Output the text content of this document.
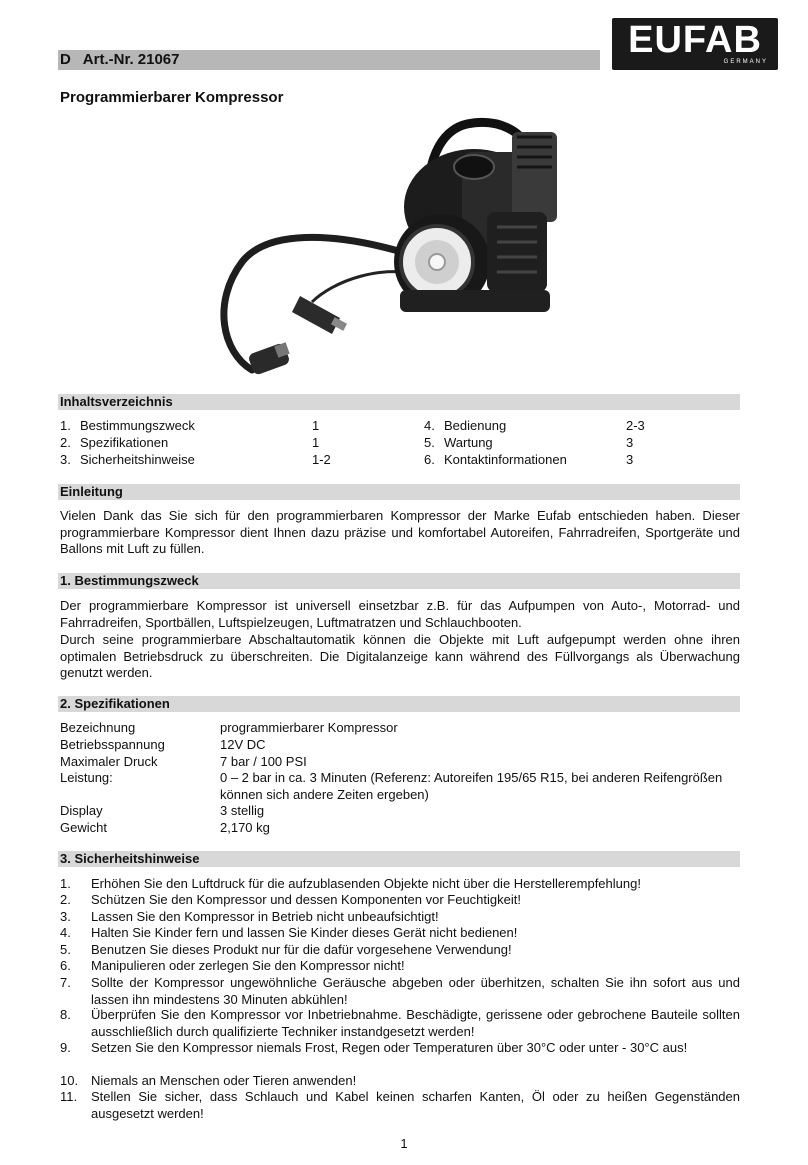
D   Art.-Nr. 21067	EUFAB
GERMANY
Programmierbarer Kompressor
Inhaltsverzeichnis
1. Bestimmungszweck	1	4. Bedienung	2-3
2. Spezifikationen	1	5. Wartung	3
3. Sicherheitshinweise	1-2	6. Kontaktinformationen	3
Einleitung
Vielen Dank das Sie sich für den programmierbaren Kompressor der Marke Eufab entschieden haben. Dieser programmierbare Kompressor dient Ihnen dazu präzise und komfortabel Autoreifen, Fahrradreifen, Sportgeräte und Ballons mit Luft zu füllen.
1. Bestimmungszweck
Der programmierbare Kompressor ist universell einsetzbar z.B. für das Aufpumpen von Auto-, Motorrad- und Fahrradreifen, Sportbällen, Luftspielzeugen, Luftmatratzen und Schlauchbooten.
Durch seine programmierbare Abschaltautomatik können die Objekte mit Luft aufgepumpt werden ohne ihren optimalen Betriebsdruck zu überschreiten. Die Digitalanzeige kann während des Füllvorgangs als Überwachung genutzt werden.
2. Spezifikationen
Bezeichnung	programmierbarer Kompressor
Betriebsspannung	12V DC
Maximaler Druck	7 bar / 100 PSI
Leistung:	0 – 2 bar in ca. 3 Minuten (Referenz: Autoreifen 195/65 R15, bei anderen Reifengrößen können sich andere Zeiten ergeben)
Display	3 stellig
Gewicht	2,170 kg
3. Sicherheitshinweise
1. Erhöhen Sie den Luftdruck für die aufzublasenden Objekte nicht über die Herstellerempfehlung!
2. Schützen Sie den Kompressor und dessen Komponenten vor Feuchtigkeit!
3. Lassen Sie den Kompressor in Betrieb nicht unbeaufsichtigt!
4. Halten Sie Kinder fern und lassen Sie Kinder dieses Gerät nicht bedienen!
5. Benutzen Sie dieses Produkt nur für die dafür vorgesehene Verwendung!
6. Manipulieren oder zerlegen Sie den Kompressor nicht!
7. Sollte der Kompressor ungewöhnliche Geräusche abgeben oder überhitzen, schalten Sie ihn sofort aus und lassen ihn mindestens 30 Minuten abkühlen!
8. Überprüfen Sie den Kompressor vor Inbetriebnahme. Beschädigte, gerissene oder gebrochene Bauteile sollten ausschließlich durch qualifizierte Techniker instandgesetzt werden!
9. Setzen Sie den Kompressor niemals Frost, Regen oder Temperaturen über 30°C oder unter - 30°C aus!
10. Niemals an Menschen oder Tieren anwenden!
11. Stellen Sie sicher, dass Schlauch und Kabel keinen scharfen Kanten, Öl oder zu heißen Gegenständen ausgesetzt werden!
1
